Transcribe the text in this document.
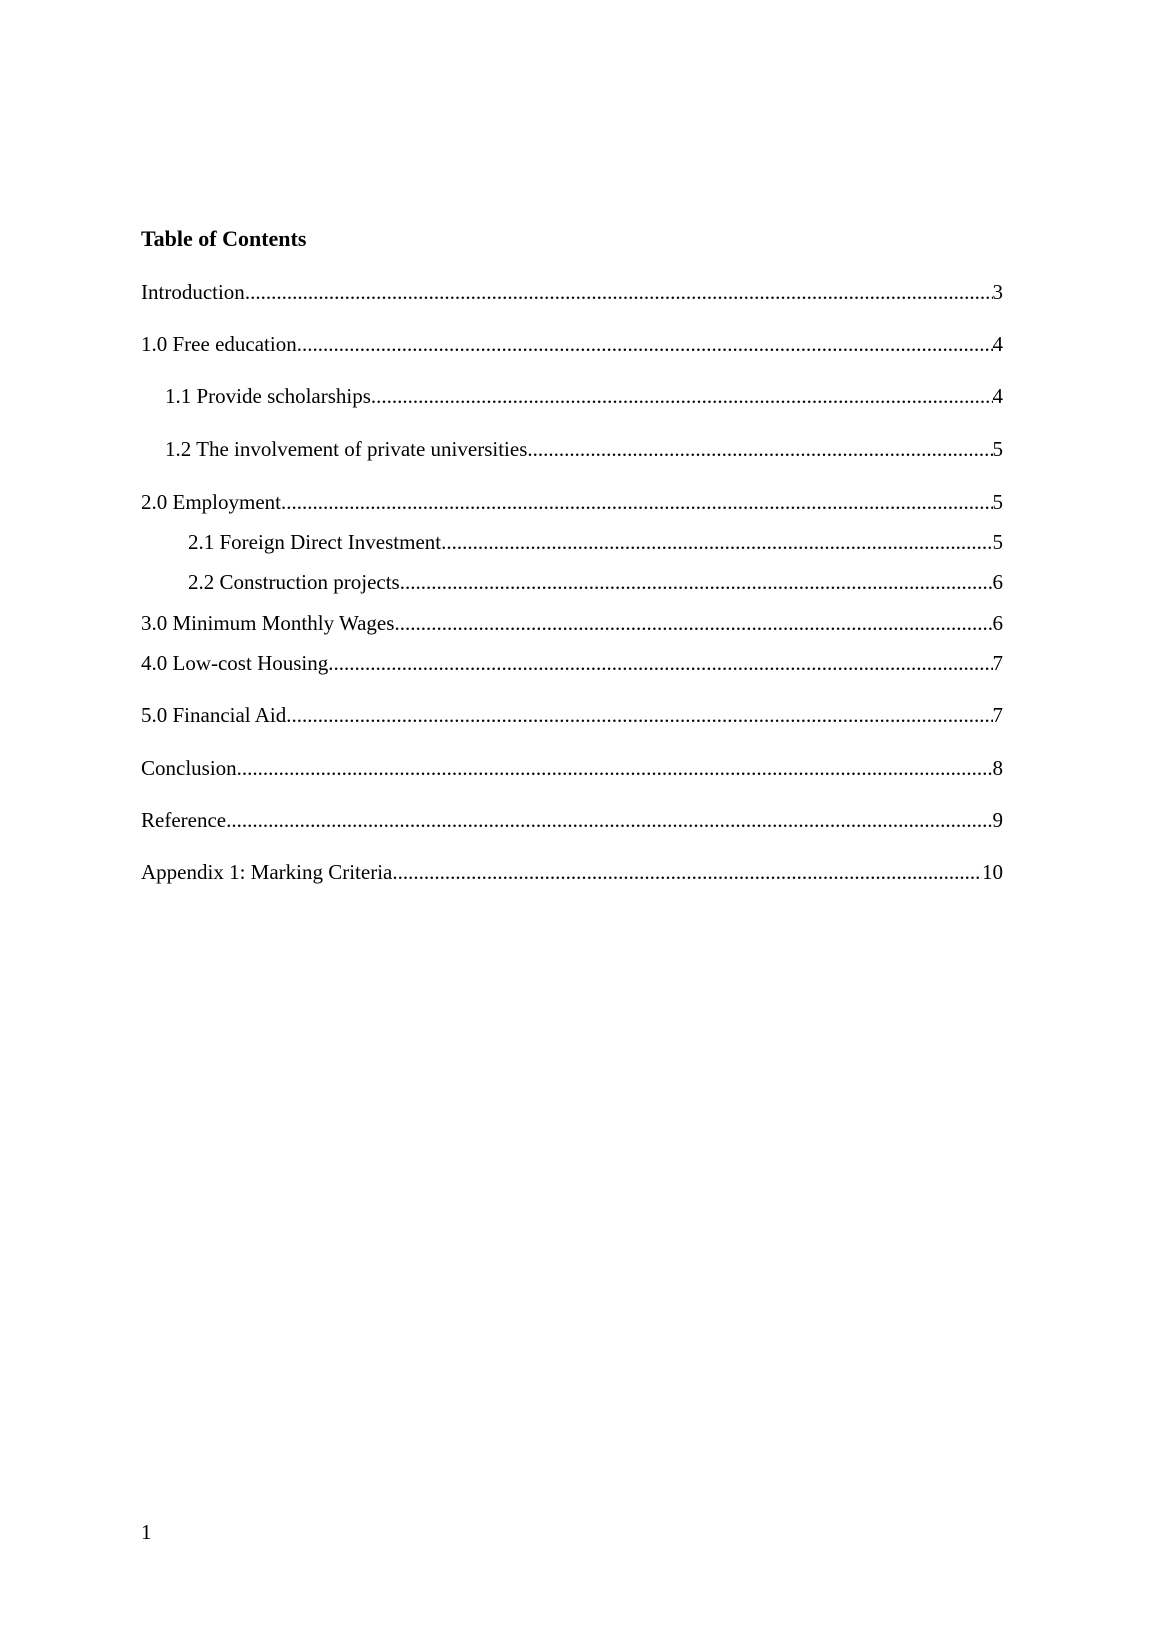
Table of Contents
Introduction .....	3
1.0 Free education .....	4
1.1 Provide scholarships .....	4
1.2 The involvement of private universities .....	5
2.0 Employment .....	5
2.1 Foreign Direct Investment .....	5
2.2 Construction projects .....	6
3.0 Minimum Monthly Wages .....	6
4.0 Low-cost Housing .....	7
5.0 Financial Aid .....	7
Conclusion .....	8
Reference .....	9
Appendix 1: Marking Criteria .....	10
1
